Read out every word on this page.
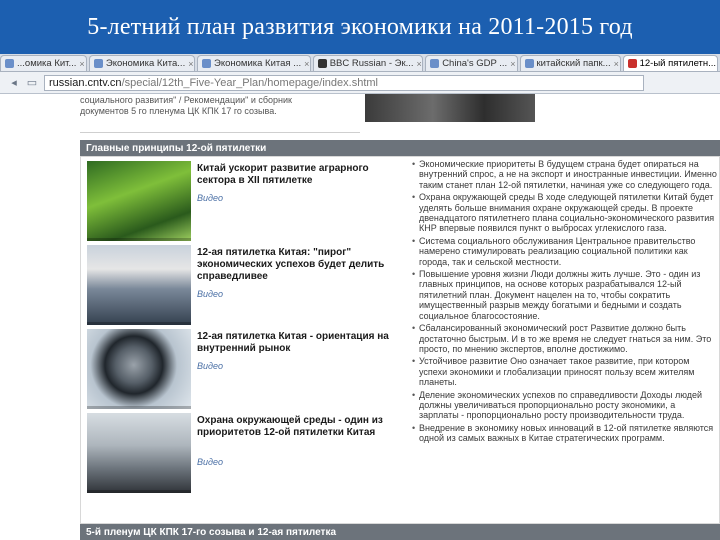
5-летний план развития экономики на 2011-2015 год
...омика Кит... × Экономика Кита... × Экономика Китая ... × BBC Russian - Эк... × China's GDP ... × китайский папк... × 12-ый пятилетн...
◂ ▭ russian.cntv.cn /special/12th_Five-Year_Plan/homepage/index.shtml
социального развития" / Рекомендации" и сборник
документов 5 го пленума ЦК КПК 17 го созыва.
Главные принципы 12-ой пятилетки
Китай ускорит развитие аграрного сектора в XII пятилетке
Видео
12-ая пятилетка Китая: "пирог" экономических успехов будет делить справедливее
Видео
12-ая пятилетка Китая - ориентация на внутренний рынок
Видео
Охрана окружающей среды - один из приоритетов 12-ой пятилетки Китая
Видео

• Экономические приоритеты В будущем страна будет опираться на внутренний спрос, а не на экспорт и иностранные инвестиции. Именно таким станет план 12-ой пятилетки, начиная уже со следующего года.

• Охрана окружающей среды В ходе следующей пятилетки Китай будет уделять больше внимания охране окружающей среды. В проекте двенадцатого пятилетнего плана социально-экономического развития КНР впервые появился пункт о выбросах углекислого газа.

• Система социального обслуживания Центральное правительство намерено стимулировать реализацию социальной политики как города, так и сельской местности.

• Повышение уровня жизни Люди должны жить лучше. Это - один из главных принципов, на основе которых разрабатывался 12-ый пятилетний план. Документ нацелен на то, чтобы сократить имущественный разрыв между богатыми и бедными и создать социальное благосостояние.

• Сбалансированный экономический рост Развитие должно быть достаточно быстрым. И в то же время не следует гнаться за ним. Это просто, по мнению экспертов, вполне достижимо.

• Устойчивое развитие Оно означает такое развитие, при котором успехи экономики и глобализации приносят пользу всем жителям планеты.

• Деление экономических успехов по справедливости Доходы людей должны увеличиваться пропорционально росту экономики, а зарплаты - пропорционально росту производительности труда.

• Внедрение в экономику новых инноваций в 12-ой пятилетке являются одной из самых важных в Китае стратегических программ.

5-й пленум ЦК КПК 17-го созыва и 12-ая пятилетка
